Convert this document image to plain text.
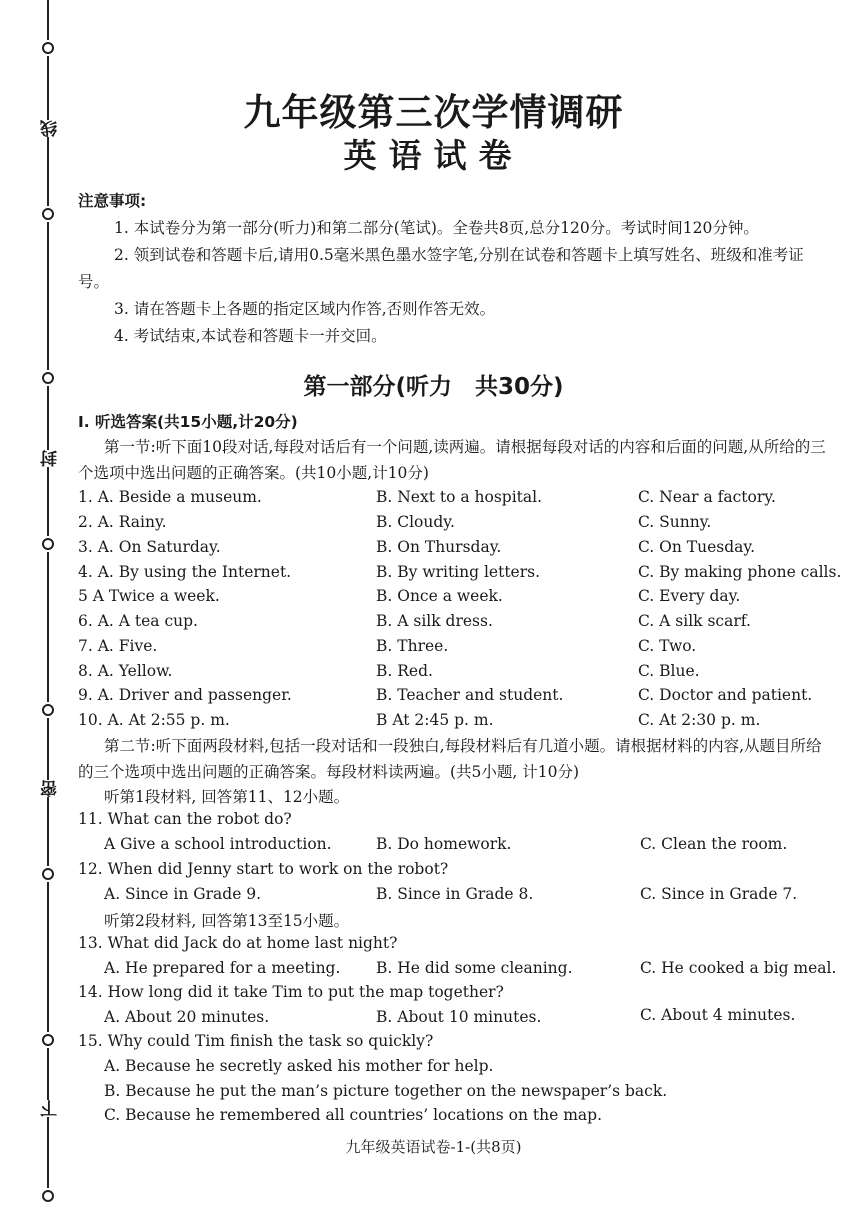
线
封
密
下
九年级第三次学情调研
英语试卷
注意事项:
1. 本试卷分为第一部分(听力)和第二部分(笔试)。全卷共8页,总分120分。考试时间120分钟。
2. 领到试卷和答题卡后,请用0.5毫米黑色墨水签字笔,分别在试卷和答题卡上填写姓名、班级和准考证号。
3. 请在答题卡上各题的指定区域内作答,否则作答无效。
4. 考试结束,本试卷和答题卡一并交回。
第一部分(听力　共30分)
Ⅰ. 听选答案(共15小题,计20分)
第一节:听下面10段对话,每段对话后有一个问题,读两遍。请根据每段对话的内容和后面的问题,从所给的三个选项中选出问题的正确答案。(共10小题,计10分)
1. A. Beside a museum.	B. Next to a hospital.	C. Near a factory.
2. A. Rainy.	B. Cloudy.	C. Sunny.
3. A. On Saturday.	B. On Thursday.	C. On Tuesday.
4. A. By using the Internet.	B. By writing letters.	C. By making phone calls.
5 A Twice a week.	B. Once a week.	C. Every day.
6. A. A tea cup.	B. A silk dress.	C. A silk scarf.
7. A. Five.	B. Three.	C. Two.
8. A. Yellow.	B. Red.	C. Blue.
9. A. Driver and passenger.	B. Teacher and student.	C. Doctor and patient.
10. A. At 2:55 p. m.	B At 2:45 p. m.	C. At 2:30 p. m.
第二节:听下面两段材料,包括一段对话和一段独白,每段材料后有几道小题。请根据材料的内容,从题目所给的三个选项中选出问题的正确答案。每段材料读两遍。(共5小题, 计10分)
听第1段材料, 回答第11、12小题。
11. What can the robot do?
A Give a school introduction.	B. Do homework.	C. Clean the room.
12. When did Jenny start to work on the robot?
A. Since in Grade 9.	B. Since in Grade 8.	C. Since in Grade 7.
听第2段材料, 回答第13至15小题。
13. What did Jack do at home last night?
A. He prepared for a meeting. B. He did some cleaning.	C. He cooked a big meal.
14. How long did it take Tim to put the map together?
A. About 20 minutes.	B. About 10 minutes.	C. About 4 minutes.
15. Why could Tim finish the task so quickly?
A. Because he secretly asked his mother for help.
B. Because he put the man’s picture together on the newspaper’s back.
C. Because he remembered all countries’ locations on the map.
九年级英语试卷-1-(共8页)
